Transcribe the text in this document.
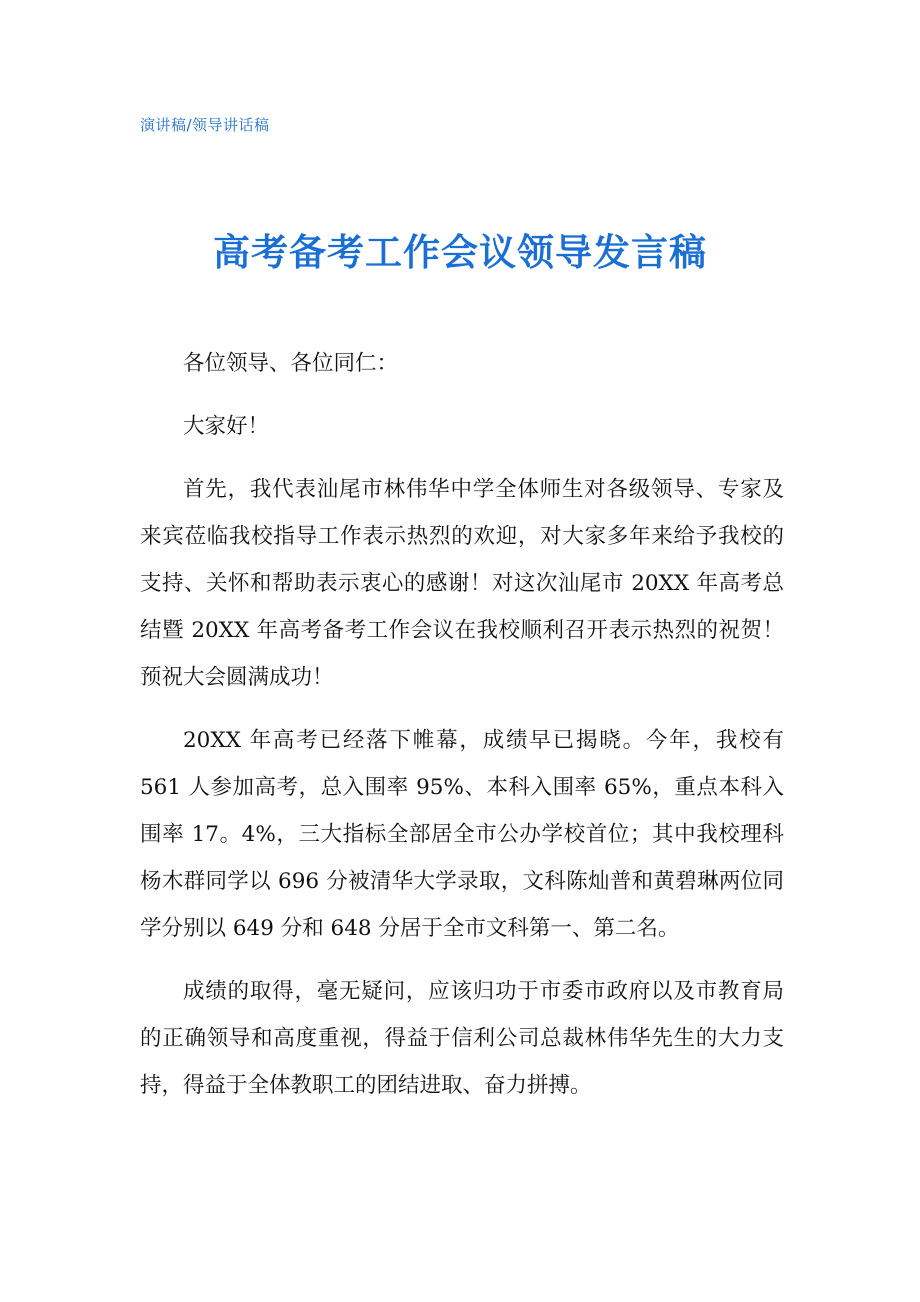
演讲稿/领导讲话稿
高考备考工作会议领导发言稿

各位领导、各位同仁：

大家好！

首先，我代表汕尾市林伟华中学全体师生对各级领导、专家及来宾莅临我校指导工作表示热烈的欢迎，对大家多年来给予我校的支持、关怀和帮助表示衷心的感谢！对这次汕尾市 20XX 年高考总结暨 20XX 年高考备考工作会议在我校顺利召开表示热烈的祝贺！预祝大会圆满成功！

20XX 年高考已经落下帷幕，成绩早已揭晓。今年，我校有 561 人参加高考，总入围率 95%、本科入围率 65%，重点本科入围率 17。4%，三大指标全部居全市公办学校首位；其中我校理科杨木群同学以 696 分被清华大学录取，文科陈灿普和黄碧琳两位同学分别以 649 分和 648 分居于全市文科第一、第二名。

成绩的取得，毫无疑问，应该归功于市委市政府以及市教育局的正确领导和高度重视，得益于信利公司总裁林伟华先生的大力支持，得益于全体教职工的团结进取、奋力拼搏。
